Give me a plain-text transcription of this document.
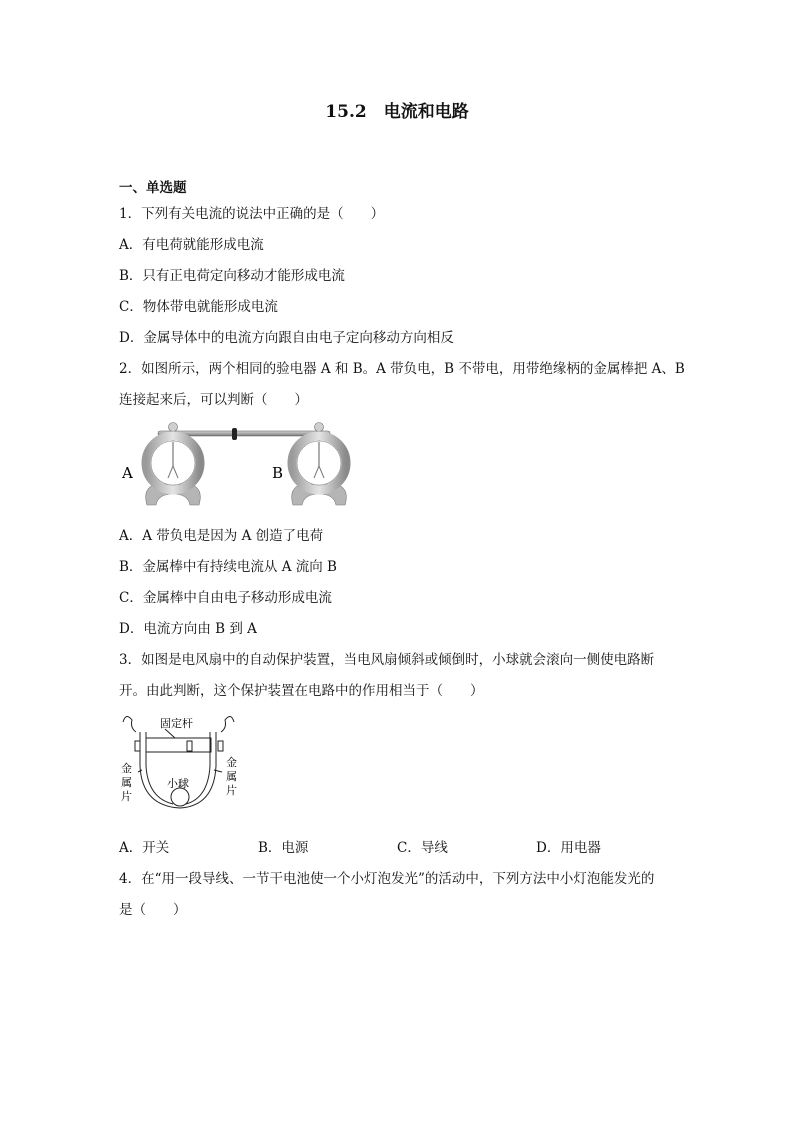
15.2　电流和电路
一、单选题
1．下列有关电流的说法中正确的是（　　）
A．有电荷就能形成电流
B．只有正电荷定向移动才能形成电流
C．物体带电就能形成电流
D．金属导体中的电流方向跟自由电子定向移动方向相反
2．如图所示，两个相同的验电器 A 和 B。A 带负电，B 不带电，用带绝缘柄的金属棒把 A、B
连接起来后，可以判断（　　）
A	B
A．A 带负电是因为 A 创造了电荷
B．金属棒中有持续电流从 A 流向 B
C．金属棒中自由电子移动形成电流
D．电流方向由 B 到 A
3．如图是电风扇中的自动保护装置，当电风扇倾斜或倾倒时，小球就会滚向一侧使电路断
开。由此判断，这个保护装置在电路中的作用相当于（　　）
固定杆
金
属
片
金
属
片
小球
A．开关	B．电源	C．导线	D．用电器
4．在“用一段导线、一节干电池使一个小灯泡发光”的活动中，下列方法中小灯泡能发光的
是（　　）
